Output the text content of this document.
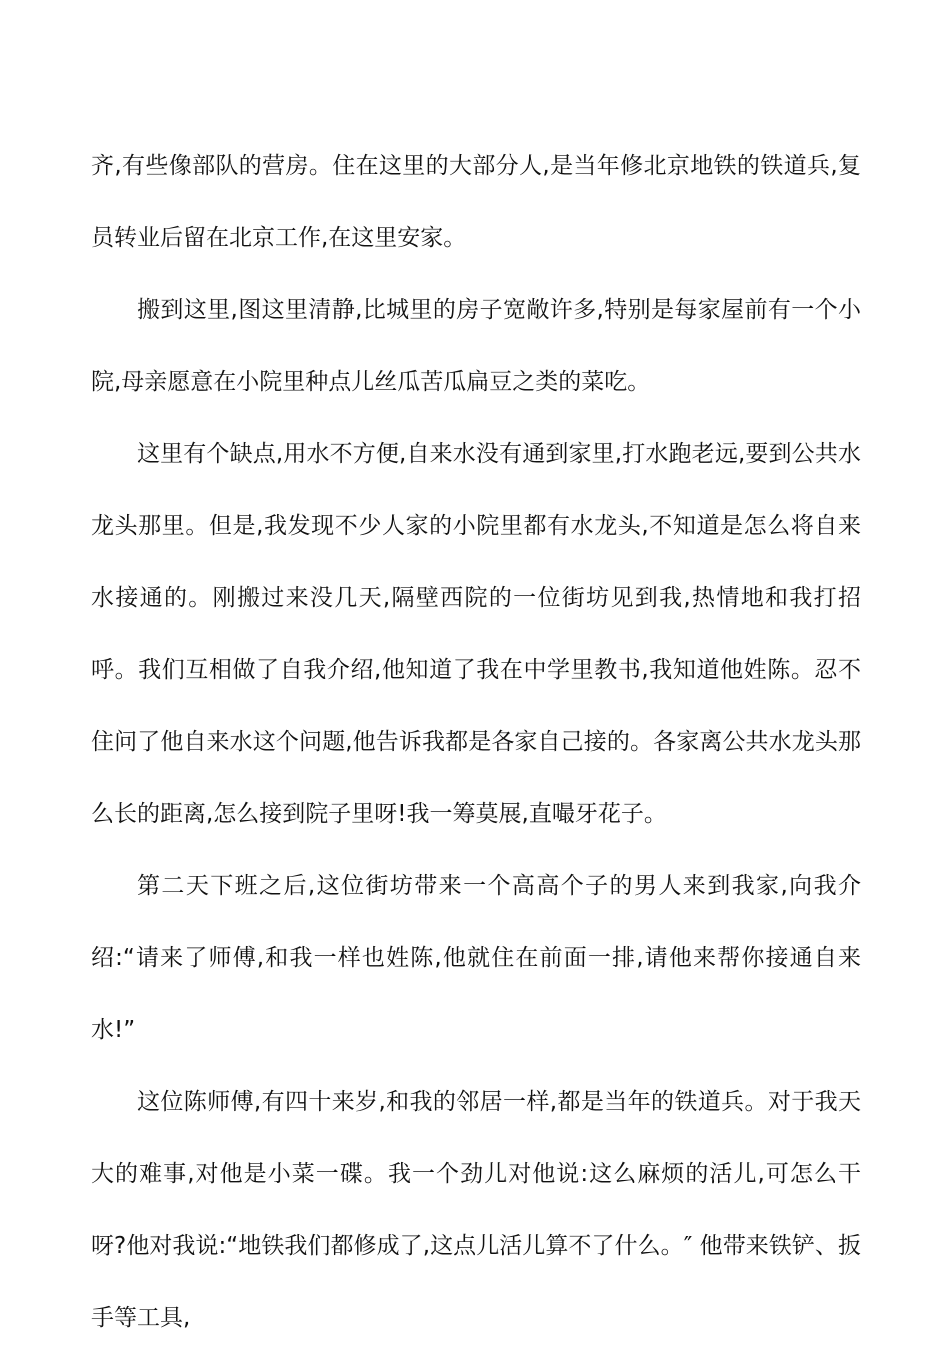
齐,有些像部队的营房。住在这里的大部分人,是当年修北京地铁的铁道兵,复员转业后留在北京工作,在这里安家。

搬到这里,图这里清静,比城里的房子宽敞许多,特别是每家屋前有一个小院,母亲愿意在小院里种点儿丝瓜苦瓜扁豆之类的菜吃。

这里有个缺点,用水不方便,自来水没有通到家里,打水跑老远,要到公共水龙头那里。但是,我发现不少人家的小院里都有水龙头,不知道是怎么将自来水接通的。刚搬过来没几天,隔壁西院的一位街坊见到我,热情地和我打招呼。我们互相做了自我介绍,他知道了我在中学里教书,我知道他姓陈。忍不住问了他自来水这个问题,他告诉我都是各家自己接的。各家离公共水龙头那么长的距离,怎么接到院子里呀!我一筹莫展,直嘬牙花子。

第二天下班之后,这位街坊带来一个高高个子的男人来到我家,向我介绍:“请来了师傅,和我一样也姓陈,他就住在前面一排,请他来帮你接通自来水!”

这位陈师傅,有四十来岁,和我的邻居一样,都是当年的铁道兵。对于我天大的难事,对他是小菜一碟。我一个劲儿对他说:这么麻烦的活儿,可怎么干呀?他对我说:“地铁我们都修成了,这点儿活儿算不了什么。″ 他带来铁铲、扳手等工具,
